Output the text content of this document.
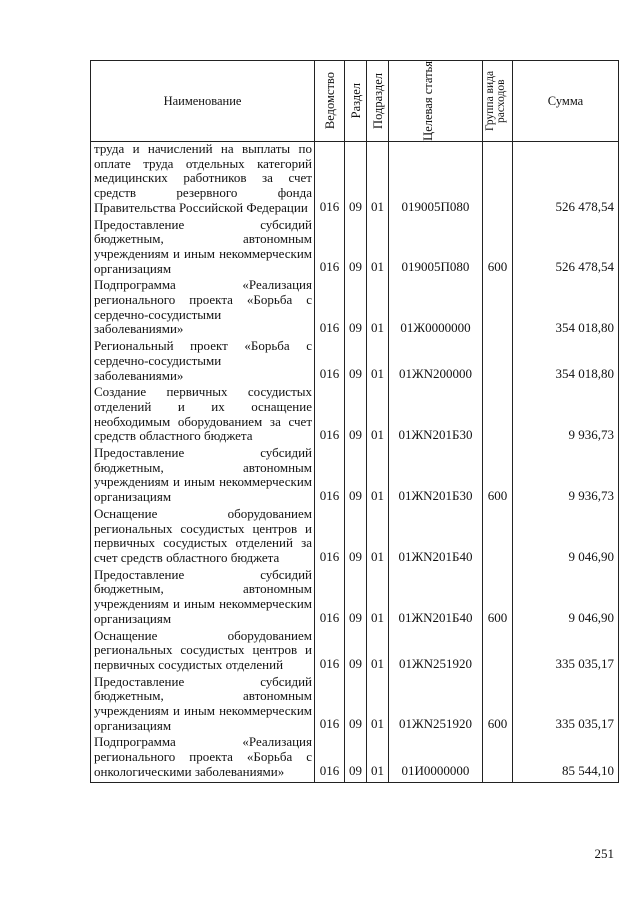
Наименование	Ведомство	Раздел	Подраздел	Целевая статья	Группа вида расходов	Сумма
труда и начислений на выплаты по оплате труда отдельных категорий медицинских работников за счет средств резервного фонда Правительства Российской Федерации	016	09	01	019005П080		526 478,54
Предоставление субсидий бюджетным, автономным учреждениям и иным некоммерческим организациям	016	09	01	019005П080	600	526 478,54
Подпрограмма «Реализация регионального проекта «Борьба с сердечно-сосудистыми заболеваниями»	016	09	01	01Ж0000000		354 018,80
Региональный проект «Борьба с сердечно-сосудистыми заболеваниями»	016	09	01	01ЖN200000		354 018,80
Создание первичных сосудистых отделений и их оснащение необходимым оборудованием за счет средств областного бюджета	016	09	01	01ЖN201Б30		9 936,73
Предоставление субсидий бюджетным, автономным учреждениям и иным некоммерческим организациям	016	09	01	01ЖN201Б30	600	9 936,73
Оснащение оборудованием региональных сосудистых центров и первичных сосудистых отделений за счет средств областного бюджета	016	09	01	01ЖN201Б40		9 046,90
Предоставление субсидий бюджетным, автономным учреждениям и иным некоммерческим организациям	016	09	01	01ЖN201Б40	600	9 046,90
Оснащение оборудованием региональных сосудистых центров и первичных сосудистых отделений	016	09	01	01ЖN251920		335 035,17
Предоставление субсидий бюджетным, автономным учреждениям и иным некоммерческим организациям	016	09	01	01ЖN251920	600	335 035,17
Подпрограмма «Реализация регионального проекта «Борьба с онкологическими заболеваниями»	016	09	01	01И0000000		85 544,10
251
